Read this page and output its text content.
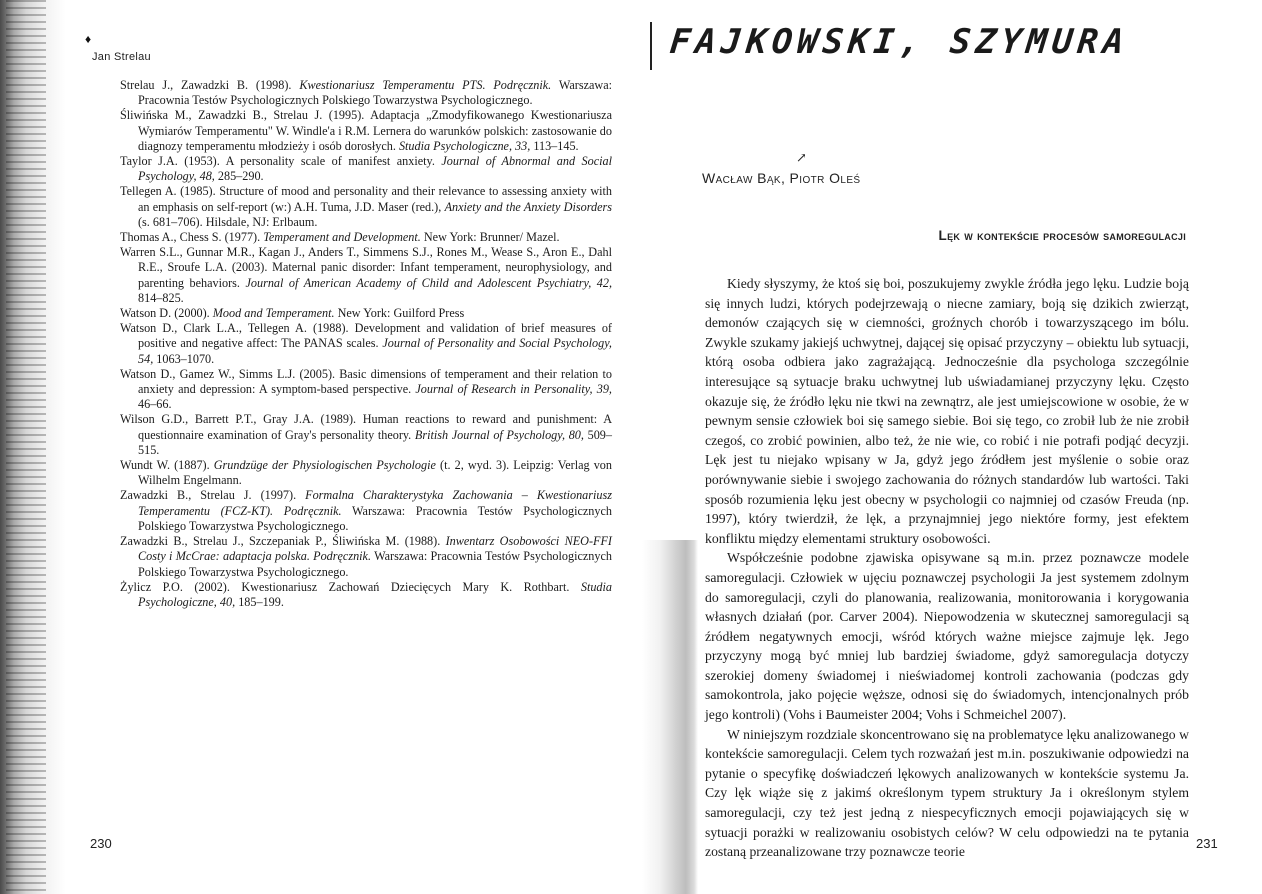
♦
Jan Strelau
Strelau J., Zawadzki B. (1998). Kwestionariusz Temperamentu PTS. Podręcznik. Warszawa: Pracownia Testów Psychologicznych Polskiego Towarzystwa Psychologicznego.
Śliwińska M., Zawadzki B., Strelau J. (1995). Adaptacja „Zmodyfikowanego Kwestionariusza Wymiarów Temperamentu" W. Windle'a i R.M. Lernera do warunków polskich: zastosowanie do diagnozy temperamentu młodzieży i osób dorosłych. Studia Psychologiczne, 33, 113–145.
Taylor J.A. (1953). A personality scale of manifest anxiety. Journal of Abnormal and Social Psychology, 48, 285–290.
Tellegen A. (1985). Structure of mood and personality and their relevance to assessing anxiety with an emphasis on self-report (w:) A.H. Tuma, J.D. Maser (red.), Anxiety and the Anxiety Disorders (s. 681–706). Hilsdale, NJ: Erlbaum.
Thomas A., Chess S. (1977). Temperament and Development. New York: Brunner/ Mazel.
Warren S.L., Gunnar M.R., Kagan J., Anders T., Simmens S.J., Rones M., Wease S., Aron E., Dahl R.E., Sroufe L.A. (2003). Maternal panic disorder: Infant temperament, neurophysiology, and parenting behaviors. Journal of American Academy of Child and Adolescent Psychiatry, 42, 814–825.
Watson D. (2000). Mood and Temperament. New York: Guilford Press
Watson D., Clark L.A., Tellegen A. (1988). Development and validation of brief measures of positive and negative affect: The PANAS scales. Journal of Personality and Social Psychology, 54, 1063–1070.
Watson D., Gamez W., Simms L.J. (2005). Basic dimensions of temperament and their relation to anxiety and depression: A symptom-based perspective. Journal of Research in Personality, 39, 46–66.
Wilson G.D., Barrett P.T., Gray J.A. (1989). Human reactions to reward and punishment: A questionnaire examination of Gray's personality theory. British Journal of Psychology, 80, 509–515.
Wundt W. (1887). Grundzüge der Physiologischen Psychologie (t. 2, wyd. 3). Leipzig: Verlag von Wilhelm Engelmann.
Zawadzki B., Strelau J. (1997). Formalna Charakterystyka Zachowania – Kwestionariusz Temperamentu (FCZ-KT). Podręcznik. Warszawa: Pracownia Testów Psychologicznych Polskiego Towarzystwa Psychologicznego.
Zawadzki B., Strelau J., Szczepaniak P., Śliwińska M. (1988). Inwentarz Osobowości NEO-FFI Costy i McCrae: adaptacja polska. Podręcznik. Warszawa: Pracownia Testów Psychologicznych Polskiego Towarzystwa Psychologicznego.
Żylicz P.O. (2002). Kwestionariusz Zachowań Dziecięcych Mary K. Rothbart. Studia Psychologiczne, 40, 185–199.
230
FAJKOWSKI, SZYMURA
↗
Wacław Bąk, Piotr Oleś
Lęk w kontekście procesów samoregulacji

Kiedy słyszymy, że ktoś się boi, poszukujemy zwykle źródła jego lęku. Ludzie boją się innych ludzi, których podejrzewają o niecne zamiary, boją się dzikich zwierząt, demonów czających się w ciemności, groźnych chorób i towarzyszącego im bólu. Zwykle szukamy jakiejś uchwytnej, dającej się opisać przyczyny – obiektu lub sytuacji, którą osoba odbiera jako zagrażającą. Jednocześnie dla psychologa szczególnie interesujące są sytuacje braku uchwytnej lub uświadamianej przyczyny lęku. Często okazuje się, że źródło lęku nie tkwi na zewnątrz, ale jest umiejscowione w osobie, że w pewnym sensie człowiek boi się samego siebie. Boi się tego, co zrobił lub że nie zrobił czegoś, co zrobić powinien, albo też, że nie wie, co robić i nie potrafi podjąć decyzji. Lęk jest tu niejako wpisany w Ja, gdyż jego źródłem jest myślenie o sobie oraz porównywanie siebie i swojego zachowania do różnych standardów lub wartości. Taki sposób rozumienia lęku jest obecny w psychologii co najmniej od czasów Freuda (np. 1997), który twierdził, że lęk, a przynajmniej jego niektóre formy, jest efektem konfliktu między elementami struktury osobowości.

Współcześnie podobne zjawiska opisywane są m.in. przez poznawcze modele samoregulacji. Człowiek w ujęciu poznawczej psychologii Ja jest systemem zdolnym do samoregulacji, czyli do planowania, realizowania, monitorowania i korygowania własnych działań (por. Carver 2004). Niepowodzenia w skutecznej samoregulacji są źródłem negatywnych emocji, wśród których ważne miejsce zajmuje lęk. Jego przyczyny mogą być mniej lub bardziej świadome, gdyż samoregulacja dotyczy szerokiej domeny świadomej i nieświadomej kontroli zachowania (podczas gdy samokontrola, jako pojęcie węższe, odnosi się do świadomych, intencjonalnych prób jego kontroli) (Vohs i Baumeister 2004; Vohs i Schmeichel 2007).

W niniejszym rozdziale skoncentrowano się na problematyce lęku analizowanego w kontekście samoregulacji. Celem tych rozważań jest m.in. poszukiwanie odpowiedzi na pytanie o specyfikę doświadczeń lękowych analizowanych w kontekście systemu Ja. Czy lęk wiąże się z jakimś określonym typem struktury Ja i określonym stylem samoregulacji, czy też jest jedną z niespecyficznych emocji pojawiających się w sytuacji porażki w realizowaniu osobistych celów? W celu odpowiedzi na te pytania zostaną przeanalizowane trzy poznawcze teorie

231
